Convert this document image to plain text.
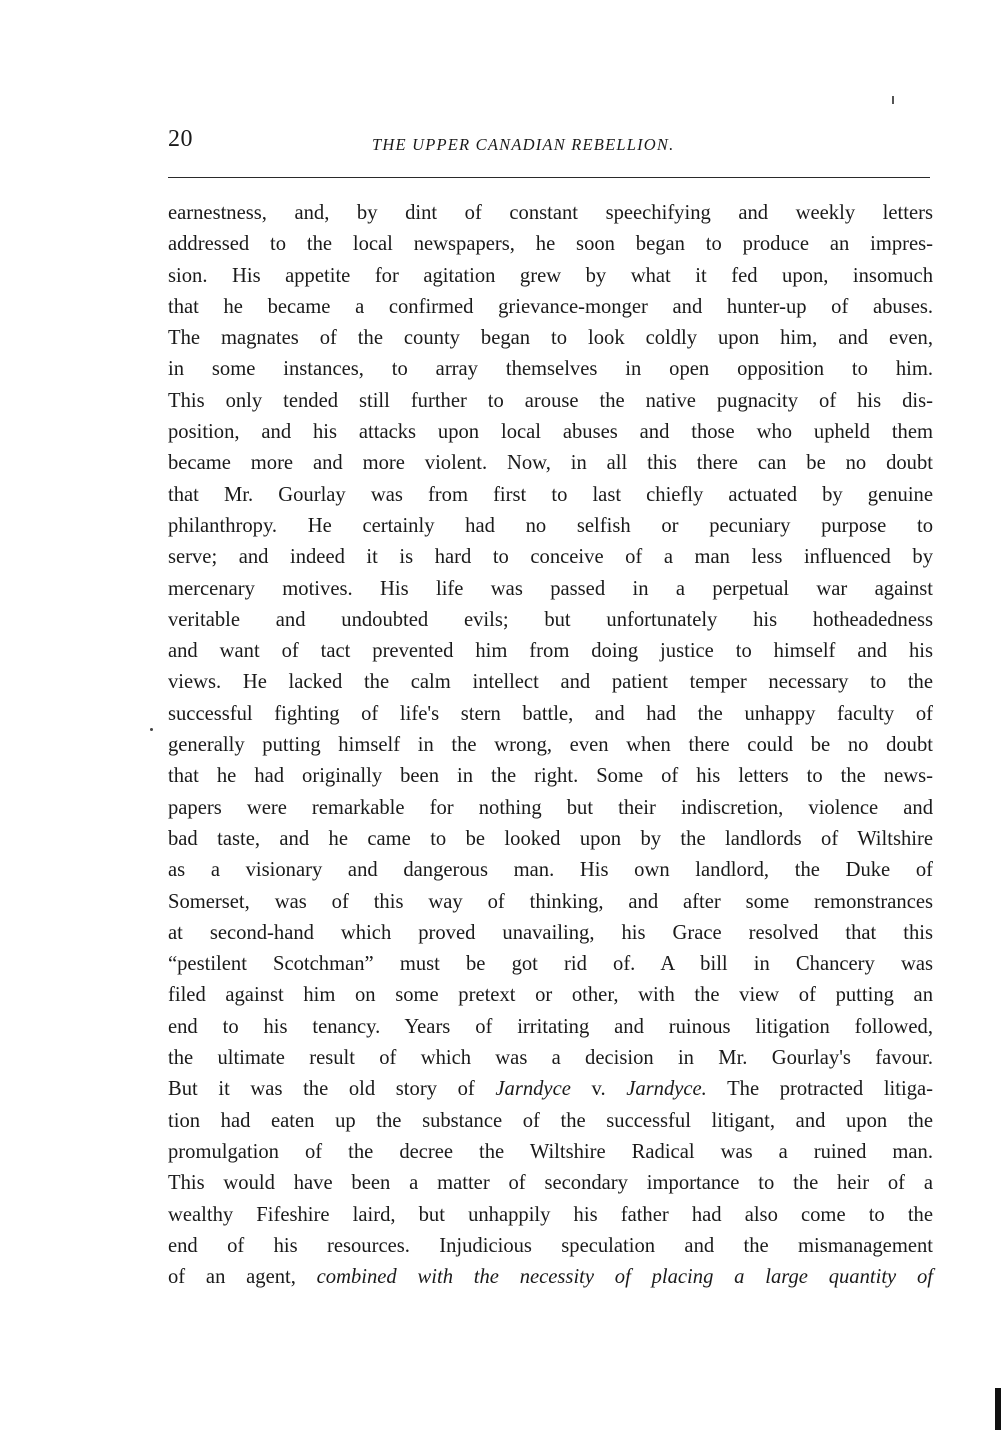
20	THE UPPER CANADIAN REBELLION.
earnestness, and, by dint of constant speechifying and weekly letters
addressed to the local newspapers, he soon began to produce an impres-
sion. His appetite for agitation grew by what it fed upon, insomuch
that he became a confirmed grievance-monger and hunter-up of abuses.
The magnates of the county began to look coldly upon him, and even,
in some instances, to array themselves in open opposition to him.
This only tended still further to arouse the native pugnacity of his dis-
position, and his attacks upon local abuses and those who upheld them
became more and more violent. Now, in all this there can be no doubt
that Mr. Gourlay was from first to last chiefly actuated by genuine
philanthropy. He certainly had no selfish or pecuniary purpose to
serve; and indeed it is hard to conceive of a man less influenced by
mercenary motives. His life was passed in a perpetual war against
veritable and undoubted evils; but unfortunately his hotheadedness
and want of tact prevented him from doing justice to himself and his
views. He lacked the calm intellect and patient temper necessary to the
successful fighting of life's stern battle, and had the unhappy faculty of
generally putting himself in the wrong, even when there could be no doubt
that he had originally been in the right. Some of his letters to the news-
papers were remarkable for nothing but their indiscretion, violence and
bad taste, and he came to be looked upon by the landlords of Wiltshire
as a visionary and dangerous man. His own landlord, the Duke of
Somerset, was of this way of thinking, and after some remonstrances
at second-hand which proved unavailing, his Grace resolved that this
“pestilent Scotchman” must be got rid of. A bill in Chancery was
filed against him on some pretext or other, with the view of putting an
end to his tenancy. Years of irritating and ruinous litigation followed,
the ultimate result of which was a decision in Mr. Gourlay's favour.
But it was the old story of Jarndyce v. Jarndyce. The protracted litiga-
tion had eaten up the substance of the successful litigant, and upon the
promulgation of the decree the Wiltshire Radical was a ruined man.
This would have been a matter of secondary importance to the heir of a
wealthy Fifeshire laird, but unhappily his father had also come to the
end of his resources. Injudicious speculation and the mismanagement
of an agent, combined with the necessity of placing a large quantity of
